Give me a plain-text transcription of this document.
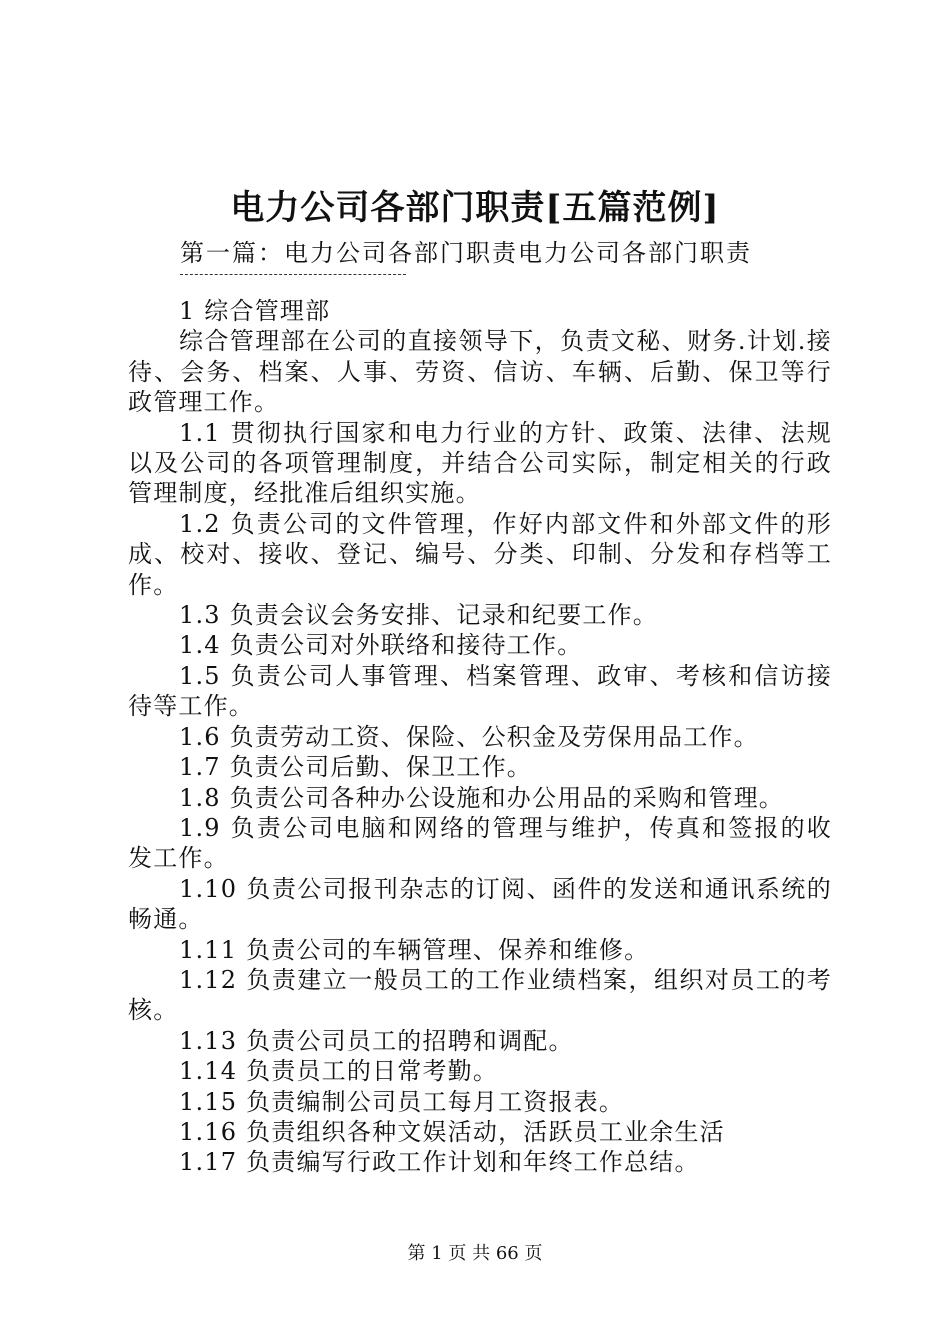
电力公司各部门职责[五篇范例]
第一篇：电力公司各部门职责电力公司各部门职责

1 综合管理部

综合管理部在公司的直接领导下，负责文秘、财务.计划.接待、会务、档案、人事、劳资、信访、车辆、后勤、保卫等行政管理工作。

1.1 贯彻执行国家和电力行业的方针、政策、法律、法规以及公司的各项管理制度，并结合公司实际，制定相关的行政管理制度，经批准后组织实施。

1.2 负责公司的文件管理，作好内部文件和外部文件的形成、校对、接收、登记、编号、分类、印制、分发和存档等工作。

1.3 负责会议会务安排、记录和纪要工作。

1.4 负责公司对外联络和接待工作。

1.5 负责公司人事管理、档案管理、政审、考核和信访接待等工作。

1.6 负责劳动工资、保险、公积金及劳保用品工作。

1.7 负责公司后勤、保卫工作。

1.8 负责公司各种办公设施和办公用品的采购和管理。

1.9 负责公司电脑和网络的管理与维护，传真和签报的收发工作。

1.10 负责公司报刊杂志的订阅、函件的发送和通讯系统的畅通。

1.11 负责公司的车辆管理、保养和维修。

1.12 负责建立一般员工的工作业绩档案，组织对员工的考核。

1.13 负责公司员工的招聘和调配。

1.14 负责员工的日常考勤。

1.15 负责编制公司员工每月工资报表。

1.16 负责组织各种文娱活动，活跃员工业余生活

1.17 负责编写行政工作计划和年终工作总结。

第 1 页 共 66 页
